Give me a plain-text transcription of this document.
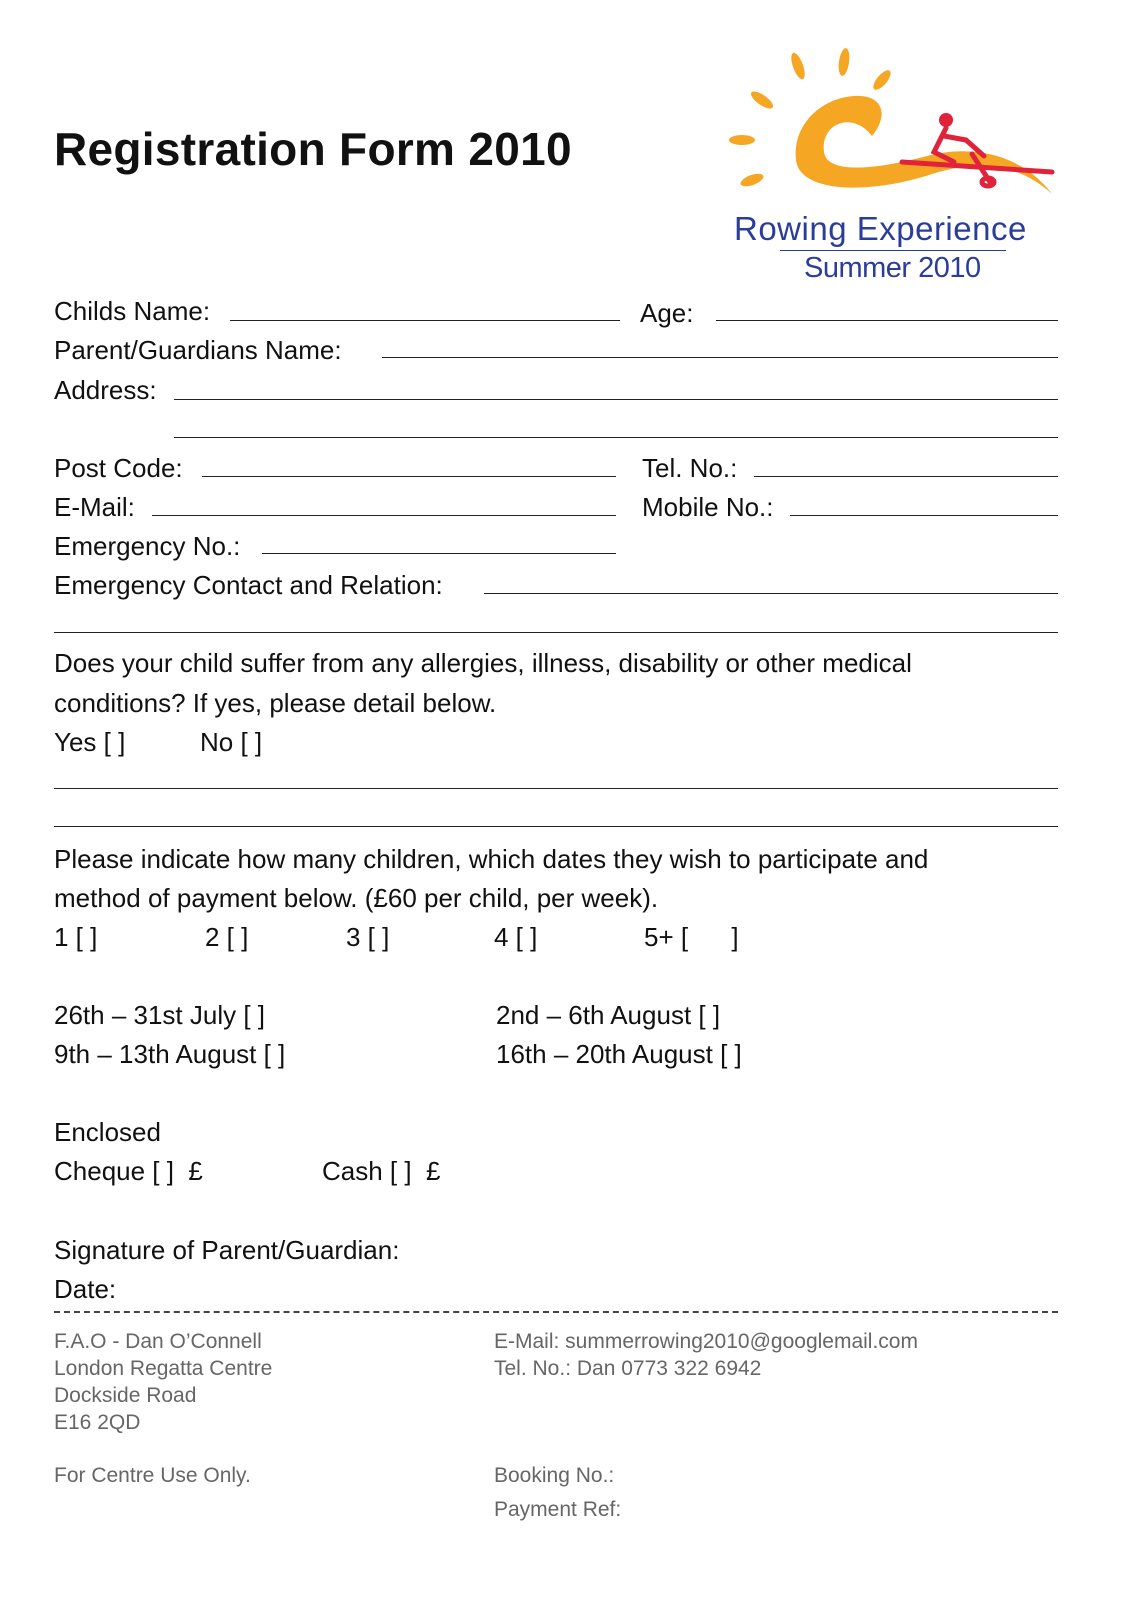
Registration Form 2010
Rowing Experience
Summer 2010
Childs Name:	Age:
Parent/Guardians Name:
Address:
Post Code:	Tel. No.:
E-Mail:	Mobile No.:
Emergency No.:
Emergency Contact and Relation:
Does your child suffer from any allergies, illness, disability or other medical
conditions? If yes, please detail below.
Yes [ ]	No [ ]
Please indicate how many children, which dates they wish to participate and
method of payment below. (£60 per child, per week).
1 [ ]	2 [ ]	3 [ ]	4 [ ]	5+ [      ]
26th – 31st July [ ]	2nd – 6th August [ ]
9th – 13th August [ ]	16th – 20th August [ ]
Enclosed
Cheque [ ]  £	Cash [ ]  £
Signature of Parent/Guardian:
Date:
F.A.O - Dan O’Connell
London Regatta Centre
Dockside Road
E16 2QD
E-Mail: summerrowing2010@googlemail.com
Tel. No.: Dan 0773 322 6942
For Centre Use Only.	Booking No.:
Payment Ref:
